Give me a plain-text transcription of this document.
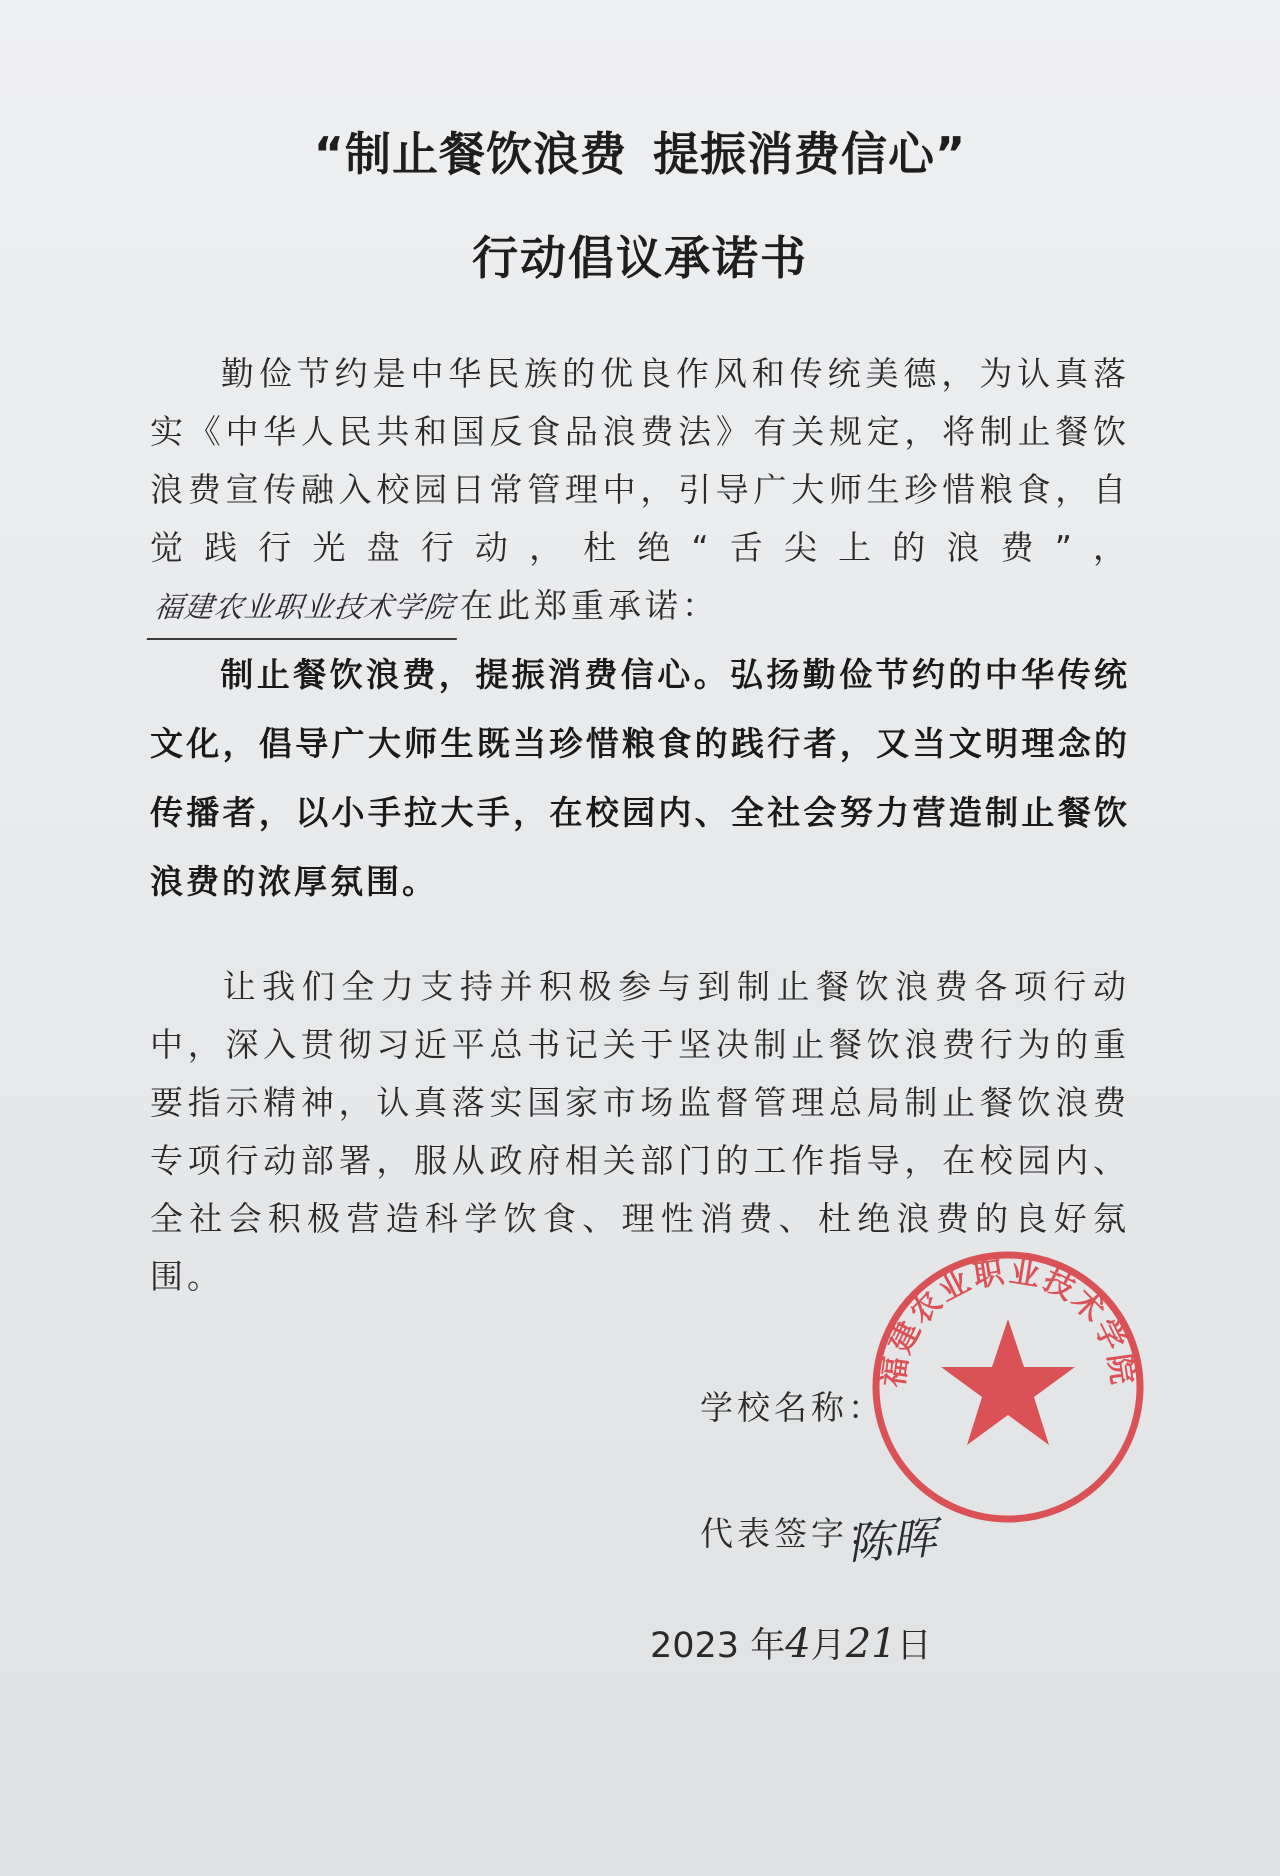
“制止餐饮浪费 提振消费信心”
行动倡议承诺书

勤俭节约是中华民族的优良作风和传统美德，为认真落实《中华人民共和国反食品浪费法》有关规定，将制止餐饮浪费宣传融入校园日常管理中，引导广大师生珍惜粮食，自觉践行光盘行动，杜绝“舌尖上的浪费”，福建农业职业技术学院 在此郑重承诺：

制止餐饮浪费，提振消费信心。弘扬勤俭节约的中华传统文化，倡导广大师生既当珍惜粮食的践行者，又当文明理念的传播者，以小手拉大手，在校园内、全社会努力营造制止餐饮浪费的浓厚氛围。

让我们全力支持并积极参与到制止餐饮浪费各项行动中，深入贯彻习近平总书记关于坚决制止餐饮浪费行为的重要指示精神，认真落实国家市场监督管理总局制止餐饮浪费专项行动部署，服从政府相关部门的工作指导，在校园内、全社会积极营造科学饮食、理性消费、杜绝浪费的良好氛围。

学校名称：
代表签字：
陈晖
2023 年4月21日
福建农业职业技术学院
